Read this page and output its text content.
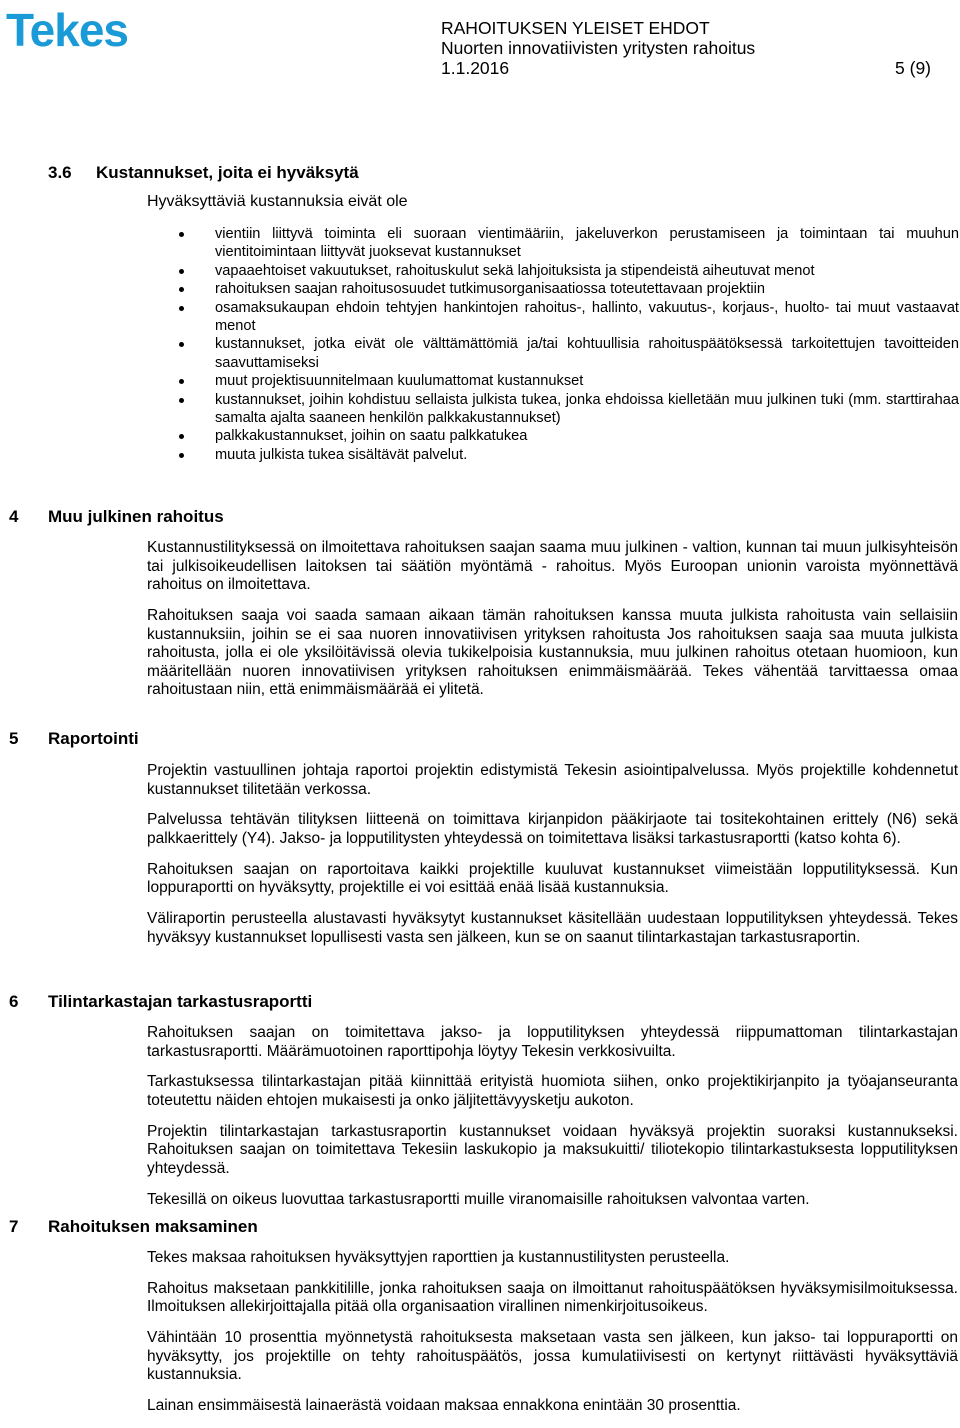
Tekes	RAHOITUKSEN YLEISET EHDOT
Nuorten innovatiivisten yritysten rahoitus
1.1.2016	5 (9)
3.6 Kustannukset, joita ei hyväksytä
Hyväksyttäviä kustannuksia eivät ole
vientiin liittyvä toiminta eli suoraan vientimääriin, jakeluverkon perustamiseen ja toimintaan tai muuhun vientitoimintaan liittyvät juoksevat kustannukset
vapaaehtoiset vakuutukset, rahoituskulut sekä lahjoituksista ja stipendeistä aiheutuvat menot
rahoituksen saajan rahoitusosuudet tutkimusorganisaatiossa toteutettavaan projektiin
osamaksukaupan ehdoin tehtyjen hankintojen rahoitus-, hallinto, vakuutus-, korjaus-, huolto- tai muut vastaavat menot
kustannukset, jotka eivät ole välttämättömiä ja/tai kohtuullisia rahoituspäätöksessä tarkoitettujen tavoitteiden saavuttamiseksi
muut projektisuunnitelmaan kuulumattomat kustannukset
kustannukset, joihin kohdistuu sellaista julkista tukea, jonka ehdoissa kielletään muu julkinen tuki (mm. starttirahaa samalta ajalta saaneen henkilön palkkakustannukset)
palkkakustannukset, joihin on saatu palkkatukea
muuta julkista tukea sisältävät palvelut.
4 Muu julkinen rahoitus

Kustannustilityksessä on ilmoitettava rahoituksen saajan saama muu julkinen - valtion, kunnan tai muun julkisyhteisön tai julkisoikeudellisen laitoksen tai säätiön myöntämä - rahoitus. Myös Euroopan unionin varoista myönnettävä rahoitus on ilmoitettava.

Rahoituksen saaja voi saada samaan aikaan tämän rahoituksen kanssa muuta julkista rahoitusta vain sellaisiin kustannuksiin, joihin se ei saa nuoren innovatiivisen yrityksen rahoitusta Jos rahoituksen saaja saa muuta julkista rahoitusta, jolla ei ole yksilöitävissä olevia tukikelpoisia kustannuksia, muu julkinen rahoitus otetaan huomioon, kun määritellään nuoren innovatiivisen yrityksen rahoituksen enimmäismäärää. Tekes vähentää tarvittaessa omaa rahoitustaan niin, että enimmäismäärää ei ylitetä.

5 Raportointi

Projektin vastuullinen johtaja raportoi projektin edistymistä Tekesin asiointipalvelussa. Myös projektille kohdennetut kustannukset tilitetään verkossa.

Palvelussa tehtävän tilityksen liitteenä on toimittava kirjanpidon pääkirjaote tai tositekohtainen erittely (N6) sekä palkkaerittely (Y4). Jakso- ja lopputilitysten yhteydessä on toimitettava lisäksi tarkastusraportti (katso kohta 6).

Rahoituksen saajan on raportoitava kaikki projektille kuuluvat kustannukset viimeistään lopputilityksessä. Kun loppuraportti on hyväksytty, projektille ei voi esittää enää lisää kustannuksia.

Väliraportin perusteella alustavasti hyväksytyt kustannukset käsitellään uudestaan lopputilityksen yhteydessä. Tekes hyväksyy kustannukset lopullisesti vasta sen jälkeen, kun se on saanut tilintarkastajan tarkastusraportin.

6 Tilintarkastajan tarkastusraportti

Rahoituksen saajan on toimitettava jakso- ja lopputilityksen yhteydessä riippumattoman tilintarkastajan tarkastusraportti. Määrämuotoinen raporttipohja löytyy Tekesin verkkosivuilta.

Tarkastuksessa tilintarkastajan pitää kiinnittää erityistä huomiota siihen, onko projektikirjanpito ja työajanseuranta toteutettu näiden ehtojen mukaisesti ja onko jäljitettävyysketju aukoton.

Projektin tilintarkastajan tarkastusraportin kustannukset voidaan hyväksyä projektin suoraksi kustannukseksi. Rahoituksen saajan on toimitettava Tekesiin laskukopio ja maksukuitti/ tiliotekopio tilintarkastuksesta lopputilityksen yhteydessä.

Tekesillä on oikeus luovuttaa tarkastusraportti muille viranomaisille rahoituksen valvontaa varten.

7 Rahoituksen maksaminen

Tekes maksaa rahoituksen hyväksyttyjen raporttien ja kustannustilitysten perusteella.

Rahoitus maksetaan pankkitilille, jonka rahoituksen saaja on ilmoittanut rahoituspäätöksen hyväksymisilmoituksessa. Ilmoituksen allekirjoittajalla pitää olla organisaation virallinen nimenkirjoitusoikeus.

Vähintään 10 prosenttia myönnetystä rahoituksesta maksetaan vasta sen jälkeen, kun jakso- tai loppuraportti on hyväksytty, jos projektille on tehty rahoituspäätös, jossa kumulatiivisesti on kertynyt riittävästi hyväksyttäviä kustannuksia.

Lainan ensimmäisestä lainaerästä voidaan maksaa ennakkona enintään 30 prosenttia.
